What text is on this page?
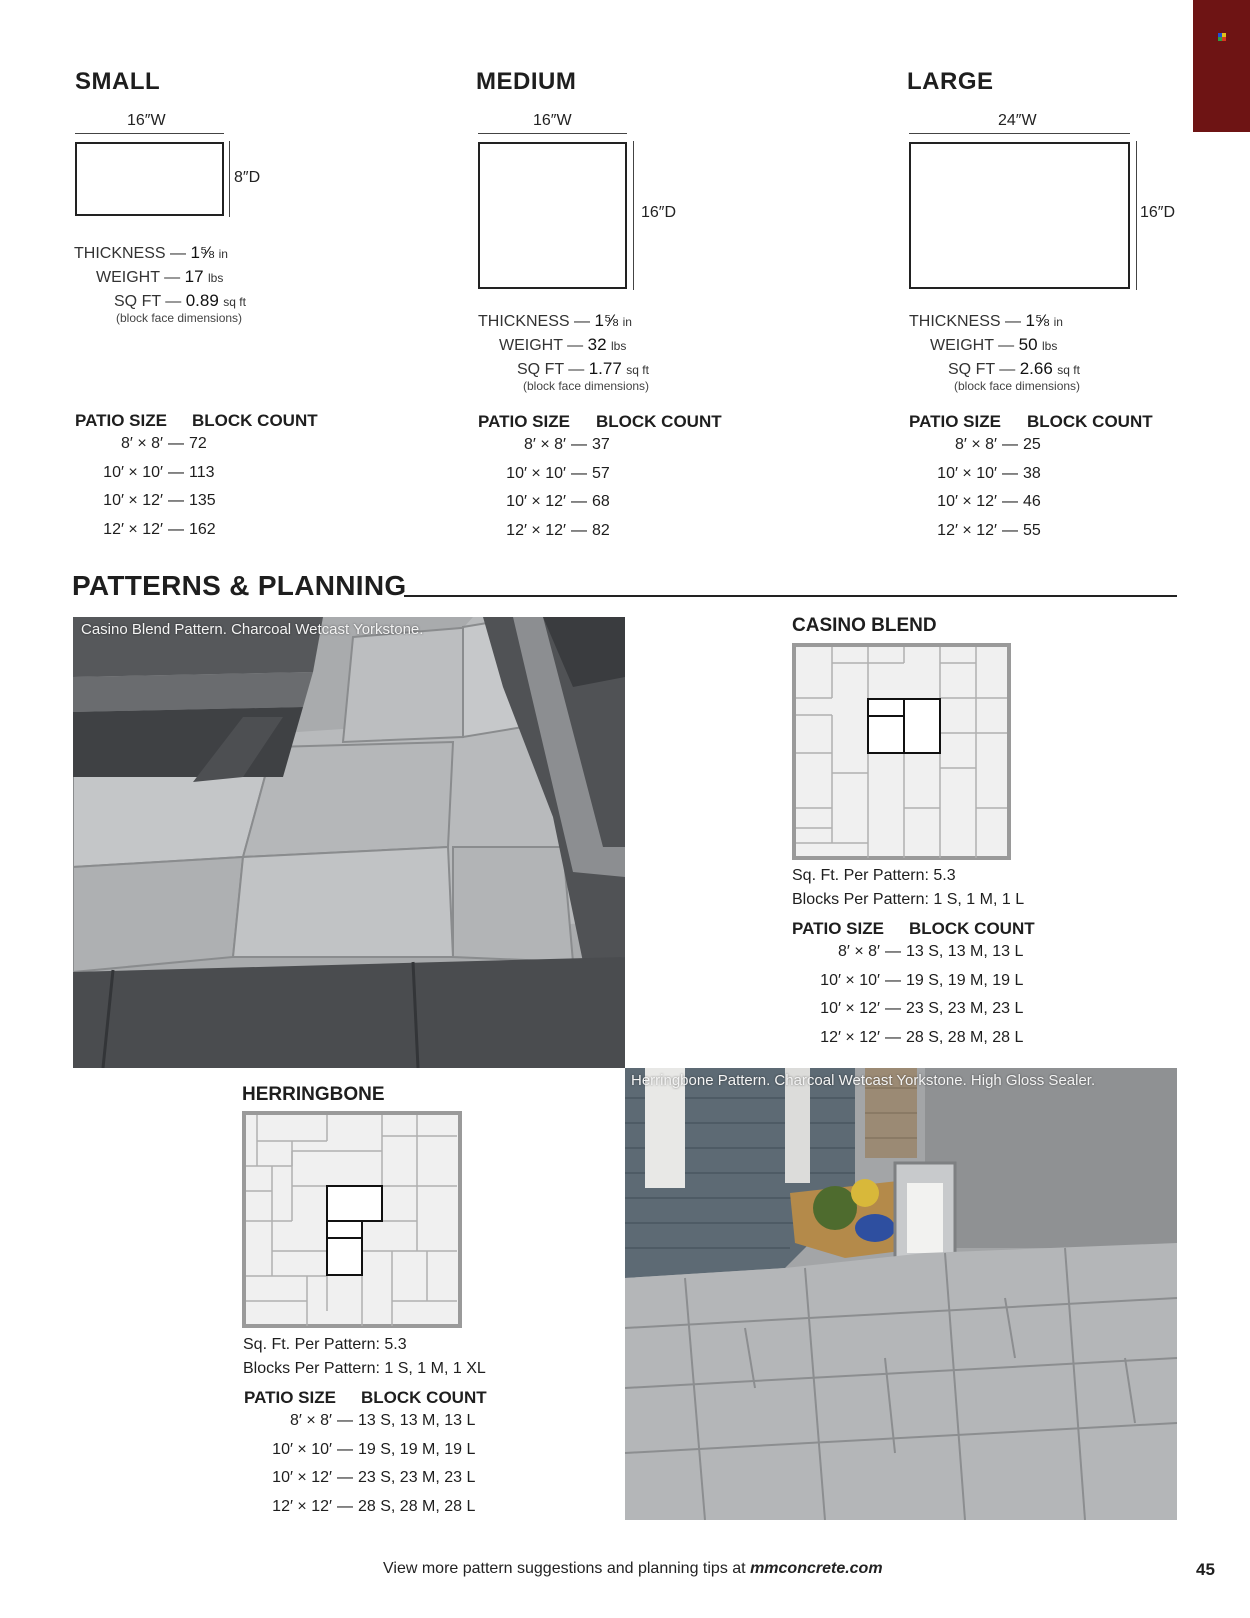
SMALL
16″W
8″D
THICKNESS — 1⅝ in
WEIGHT — 17 lbs
SQ FT — 0.89 sq ft
(block face dimensions)
PATIO SIZE BLOCK COUNT
8′ × 8′ — 72
10′ × 10′ — 113
10′ × 12′ — 135
12′ × 12′ — 162
MEDIUM
16″W
16″D
THICKNESS — 1⅝ in
WEIGHT — 32 lbs
SQ FT — 1.77 sq ft
(block face dimensions)
PATIO SIZE BLOCK COUNT
8′ × 8′ — 37
10′ × 10′ — 57
10′ × 12′ — 68
12′ × 12′ — 82
LARGE
24″W
16″D
THICKNESS — 1⅝ in
WEIGHT — 50 lbs
SQ FT — 2.66 sq ft
(block face dimensions)
PATIO SIZE BLOCK COUNT
8′ × 8′ — 25
10′ × 10′ — 38
10′ × 12′ — 46
12′ × 12′ — 55
PATTERNS & PLANNING
Casino Blend Pattern. Charcoal Wetcast Yorkstone.	CASINO BLEND
Sq. Ft. Per Pattern: 5.3
Blocks Per Pattern: 1 S, 1 M, 1 L
PATIO SIZE BLOCK COUNT
8′ × 8′ — 13 S, 13 M, 13 L
10′ × 10′ — 19 S, 19 M, 19 L
10′ × 12′ — 23 S, 23 M, 23 L
12′ × 12′ — 28 S, 28 M, 28 L
HERRINGBONE
Sq. Ft. Per Pattern: 5.3
Blocks Per Pattern: 1 S, 1 M, 1 XL
PATIO SIZE BLOCK COUNT
8′ × 8′ — 13 S, 13 M, 13 L
10′ × 10′ — 19 S, 19 M, 19 L
10′ × 12′ — 23 S, 23 M, 23 L
12′ × 12′ — 28 S, 28 M, 28 L
Herringbone Pattern. Charcoal Wetcast Yorkstone. High Gloss Sealer.
View more pattern suggestions and planning tips at mmconcrete.com	45
